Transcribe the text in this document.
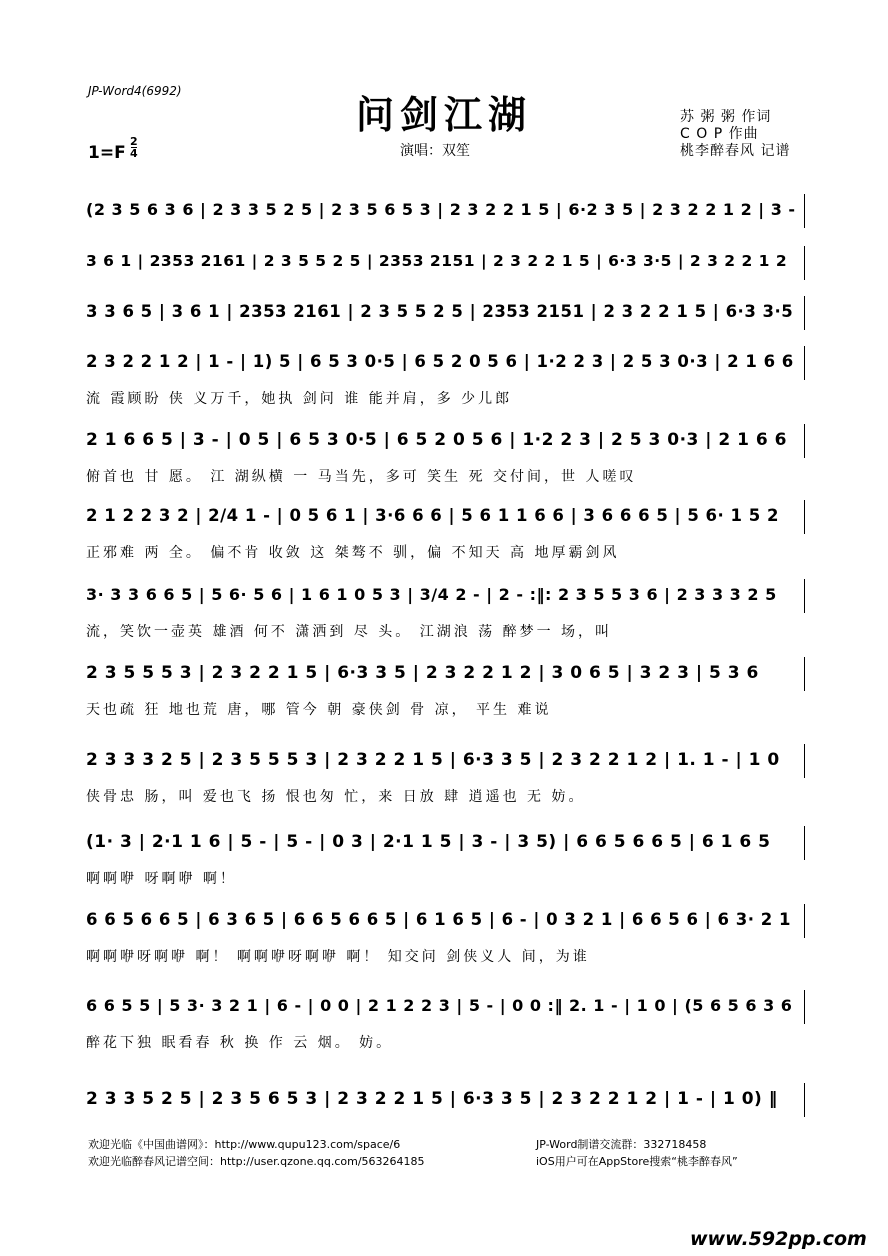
JP-Word4(6992)
问剑江湖
1=F
2
4	演唱：双笙
苏 粥 粥 作词
C O P 作曲
桃李醉春风 记谱
(2 3 5 6 3 6 | 2 3 3 5 2 5 | 2 3 5 6 5 3 | 2 3 2 2 1 5 | 6·2 3 5 | 2 3 2 2 1 2 | 3 -
3 6 1 | 2353 2161 | 2 3 5 5 2 5 | 2353 2151 | 2 3 2 2 1 5 | 6·3 3·5 | 2 3 2 2 1 2
3 3 6 5 | 3 6 1 | 2353 2161 | 2 3 5 5 2 5 | 2353 2151 | 2 3 2 2 1 5 | 6·3 3·5
2 3 2 2 1 2 | 1 - | 1) 5 | 6 5 3 0·5 | 6 5 2 0 5 6 | 1·2 2 3 | 2 5 3 0·3 | 2 1 6 6
流 霞顾盼 侠 义万千，她执 剑问 谁 能并肩，多 少儿郎
2 1 6 6 5 | 3 - | 0 5 | 6 5 3 0·5 | 6 5 2 0 5 6 | 1·2 2 3 | 2 5 3 0·3 | 2 1 6 6
俯首也 甘 愿。 江 湖纵横 一 马当先，多可 笑生 死 交付间，世 人嗟叹
2 1 2 2 3 2 | 2/4 1 - | 0 5 6 1 | 3·6 6 6 | 5 6 1 1 6 6 | 3 6 6 6 5 | 5 6· 1 5 2
正邪难 两 全。 偏不肯 收敛 这 桀骜不 驯，偏 不知天 高 地厚霸剑风
3· 3 3 6 6 5 | 5 6· 5 6 | 1 6 1 0 5 3 | 3/4 2 - | 2 - :‖: 2 3 5 5 3 6 | 2 3 3 3 2 5
流，笑饮一壶英 雄酒 何不 潇洒到 尽 头。 江湖浪 荡 醉梦一 场，叫
2 3 5 5 5 3 | 2 3 2 2 1 5 | 6·3 3 5 | 2 3 2 2 1 2 | 3 0 6 5 | 3 2 3 | 5 3 6
天也疏 狂 地也荒 唐，哪 管今 朝 豪侠剑 骨 凉， 平生 难说
2 3 3 3 2 5 | 2 3 5 5 5 3 | 2 3 2 2 1 5 | 6·3 3 5 | 2 3 2 2 1 2 | 1. 1 - | 1 0
侠骨忠 肠，叫 爱也飞 扬 恨也匆 忙，来 日放 肆 逍遥也 无 妨。
(1· 3 | 2·1 1 6 | 5 - | 5 - | 0 3 | 2·1 1 5 | 3 - | 3 5) | 6 6 5 6 6 5 | 6 1 6 5
啊啊咿 呀啊咿 啊！
6 6 5 6 6 5 | 6 3 6 5 | 6 6 5 6 6 5 | 6 1 6 5 | 6 - | 0 3 2 1 | 6 6 5 6 | 6 3· 2 1
啊啊咿呀啊咿 啊！ 啊啊咿呀啊咿 啊！ 知交问 剑侠义人 间，为谁
6 6 5 5 | 5 3· 3 2 1 | 6 - | 0 0 | 2 1 2 2 3 | 5 - | 0 0 :‖ 2. 1 - | 1 0 | (5 6 5 6 3 6
醉花下独 眠看春 秋 换 作 云 烟。 妨。
2 3 3 5 2 5 | 2 3 5 6 5 3 | 2 3 2 2 1 5 | 6·3 3 5 | 2 3 2 2 1 2 | 1 - | 1 0) ‖
欢迎光临《中国曲谱网》：http://www.qupu123.com/space/6
欢迎光临醉春风记谱空间：http://user.qzone.qq.com/563264185
JP-Word制谱交流群：332718458
iOS用户可在AppStore搜索“桃李醉春风”
www.592pp.com
